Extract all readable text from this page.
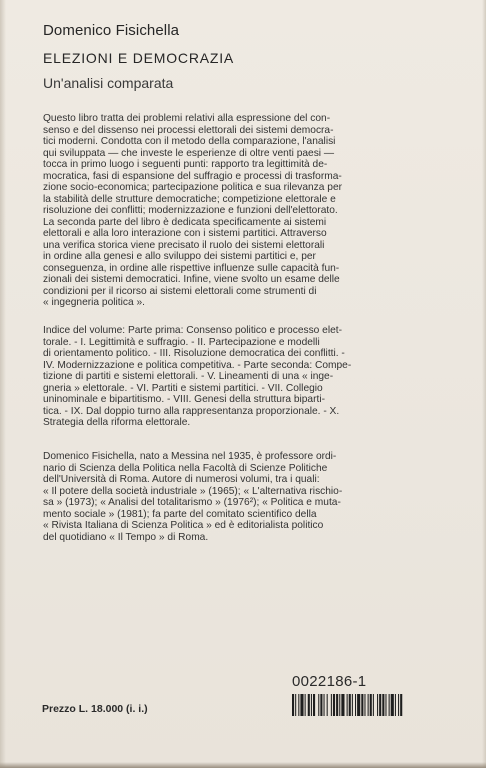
Domenico Fisichella
ELEZIONI E DEMOCRAZIA
Un'analisi comparata

Questo libro tratta dei problemi relativi alla espressione del con-
senso e del dissenso nei processi elettorali dei sistemi democra-
tici moderni. Condotta con il metodo della comparazione, l'analisi
qui sviluppata — che investe le esperienze di oltre venti paesi —
tocca in primo luogo i seguenti punti: rapporto tra legittimità de-
mocratica, fasi di espansione del suffragio e processi di trasforma-
zione socio-economica; partecipazione politica e sua rilevanza per
la stabilità delle strutture democratiche; competizione elettorale e
risoluzione dei conflitti; modernizzazione e funzioni dell'elettorato.
La seconda parte del libro è dedicata specificamente ai sistemi
elettorali e alla loro interazione con i sistemi partitici. Attraverso
una verifica storica viene precisato il ruolo dei sistemi elettorali
in ordine alla genesi e allo sviluppo dei sistemi partitici e, per
conseguenza, in ordine alle rispettive influenze sulle capacità fun-
zionali dei sistemi democratici. Infine, viene svolto un esame delle
condizioni per il ricorso ai sistemi elettorali come strumenti di
« ingegneria politica ».

Indice del volume: Parte prima: Consenso politico e processo elet-
torale. - I. Legittimità e suffragio. - II. Partecipazione e modelli
di orientamento politico. - III. Risoluzione democratica dei conflitti. -
IV. Modernizzazione e politica competitiva. - Parte seconda: Compe-
tizione di partiti e sistemi elettorali. - V. Lineamenti di una « inge-
gneria » elettorale. - VI. Partiti e sistemi partitici. - VII. Collegio
uninominale e bipartitismo. - VIII. Genesi della struttura biparti-
tica. - IX. Dal doppio turno alla rappresentanza proporzionale. - X.
Strategia della riforma elettorale.

Domenico Fisichella, nato a Messina nel 1935, è professore ordi-
nario di Scienza della Politica nella Facoltà di Scienze Politiche
dell'Università di Roma. Autore di numerosi volumi, tra i quali:
« Il potere della società industriale » (1965); « L'alternativa rischio-
sa » (1973); « Analisi del totalitarismo » (1976²); « Politica e muta-
mento sociale » (1981); fa parte del comitato scientifico della
« Rivista Italiana di Scienza Politica » ed è editorialista politico
del quotidiano « Il Tempo » di Roma.

0022186-1
Prezzo L. 18.000 (i. i.)
